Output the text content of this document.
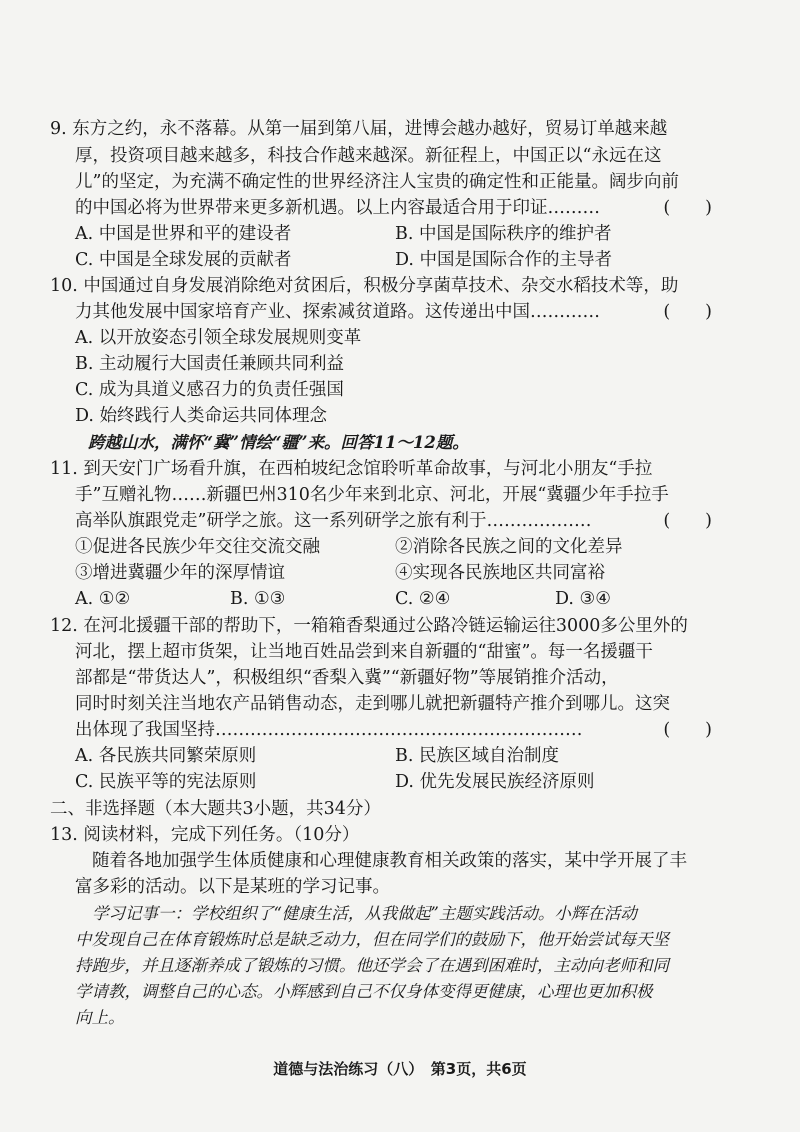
9. 东方之约，永不落幕。从第一届到第八届，进博会越办越好，贸易订单越来越
厚，投资项目越来越多，科技合作越来越深。新征程上，中国正以“永远在这
儿”的坚定，为充满不确定性的世界经济注人宝贵的确定性和正能量。阔步向前
的中国必将为世界带来更多新机遇。以上内容最适合用于印证………	(　　)
A. 中国是世界和平的建设者	B. 中国是国际秩序的维护者
C. 中国是全球发展的贡献者	D. 中国是国际合作的主导者
10. 中国通过自身发展消除绝对贫困后，积极分享菌草技术、杂交水稻技术等，助
力其他发展中国家培育产业、探索减贫道路。这传递出中国…………	(　　)
A. 以开放姿态引领全球发展规则变革
B. 主动履行大国责任兼顾共同利益
C. 成为具道义感召力的负责任强国
D. 始终践行人类命运共同体理念
跨越山水，满怀“冀”情绘“疆”来。回答11～12题。
11. 到天安门广场看升旗，在西柏坡纪念馆聆听革命故事，与河北小朋友“手拉
手”互赠礼物……新疆巴州310名少年来到北京、河北，开展“冀疆少年手拉手
高举队旗跟党走”研学之旅。这一系列研学之旅有利于………………	(　　)
①促进各民族少年交往交流交融	②消除各民族之间的文化差异
③增进冀疆少年的深厚情谊	④实现各民族地区共同富裕
A. ①②	B. ①③	C. ②④	D. ③④
12. 在河北援疆干部的帮助下，一箱箱香梨通过公路冷链运输运往3000多公里外的
河北，摆上超市货架，让当地百姓品尝到来自新疆的“甜蜜”。每一名援疆干
部都是“带货达人”，积极组织“香梨入冀”“新疆好物”等展销推介活动，
同时时刻关注当地农产品销售动态，走到哪儿就把新疆特产推介到哪儿。这突
出体现了我国坚持………………………………………………………	(　　)
A. 各民族共同繁荣原则	B. 民族区域自治制度
C. 民族平等的宪法原则	D. 优先发展民族经济原则
二、非选择题（本大题共3小题，共34分）
13. 阅读材料，完成下列任务。（10分）
随着各地加强学生体质健康和心理健康教育相关政策的落实，某中学开展了丰
富多彩的活动。以下是某班的学习记事。
学习记事一：学校组织了“健康生活，从我做起”主题实践活动。小辉在活动
中发现自己在体育锻炼时总是缺乏动力，但在同学们的鼓励下，他开始尝试每天坚
持跑步，并且逐渐养成了锻炼的习惯。他还学会了在遇到困难时，主动向老师和同
学请教，调整自己的心态。小辉感到自己不仅身体变得更健康，心理也更加积极
向上。
道德与法治练习（八）　第3页，共6页
